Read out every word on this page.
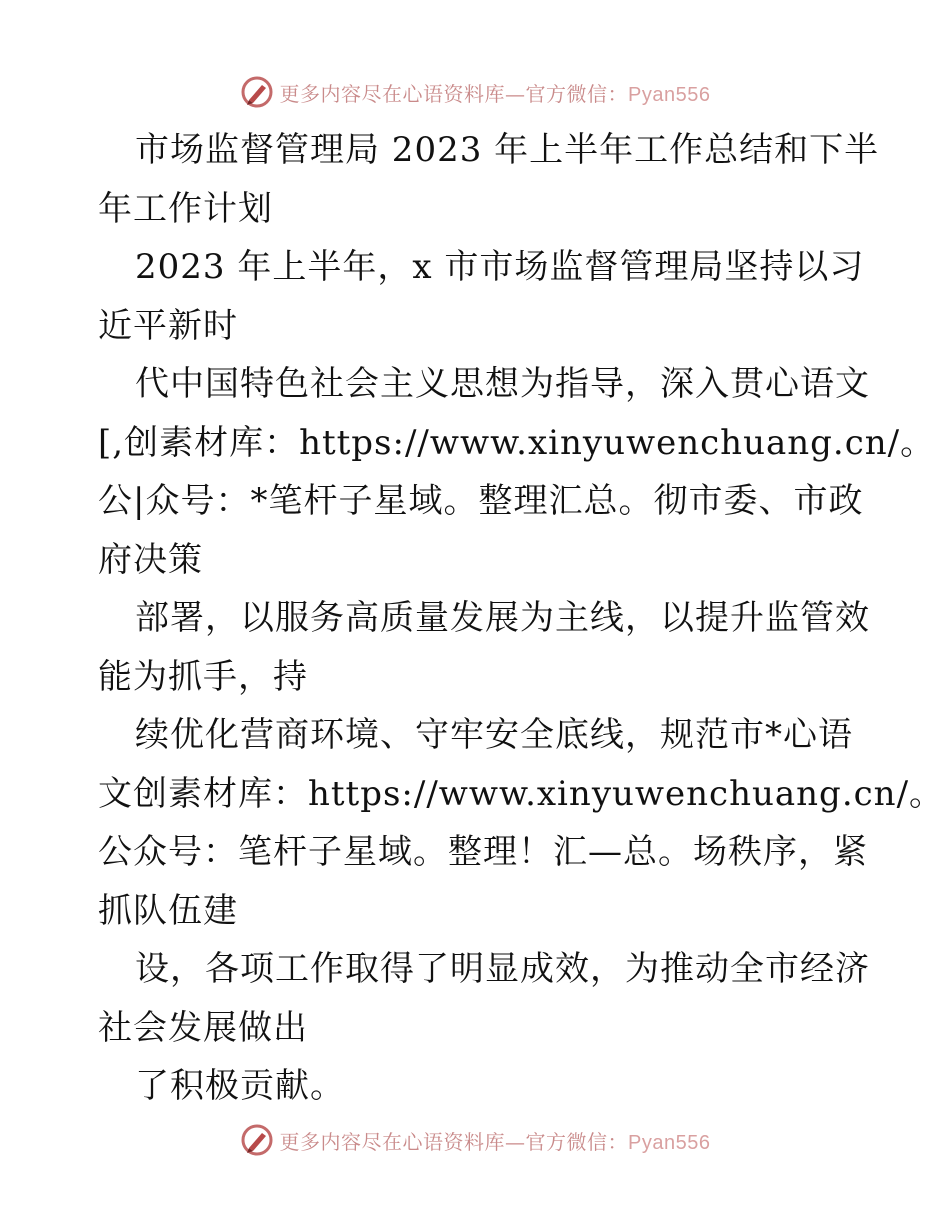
更多内容尽在心语资料库—官方微信：Pyan556
市场监督管理局 2023 年上半年工作总结和下半
年工作计划
2023 年上半年，x 市市场监督管理局坚持以习
近平新时
代中国特色社会主义思想为指导，深入贯心语文
[,创素材库：https://www.xinyuwenchuang.cn/。
公|众号：*笔杆子星域。整理汇总。彻市委、市政
府决策
部署，以服务高质量发展为主线，以提升监管效
能为抓手，持
续优化营商环境、守牢安全底线，规范市*心语
文创素材库：https://www.xinyuwenchuang.cn/。
公众号：笔杆子星域。整理！汇—总。场秩序，紧
抓队伍建
设，各项工作取得了明显成效，为推动全市经济
社会发展做出
了积极贡献。
更多内容尽在心语资料库—官方微信：Pyan556
